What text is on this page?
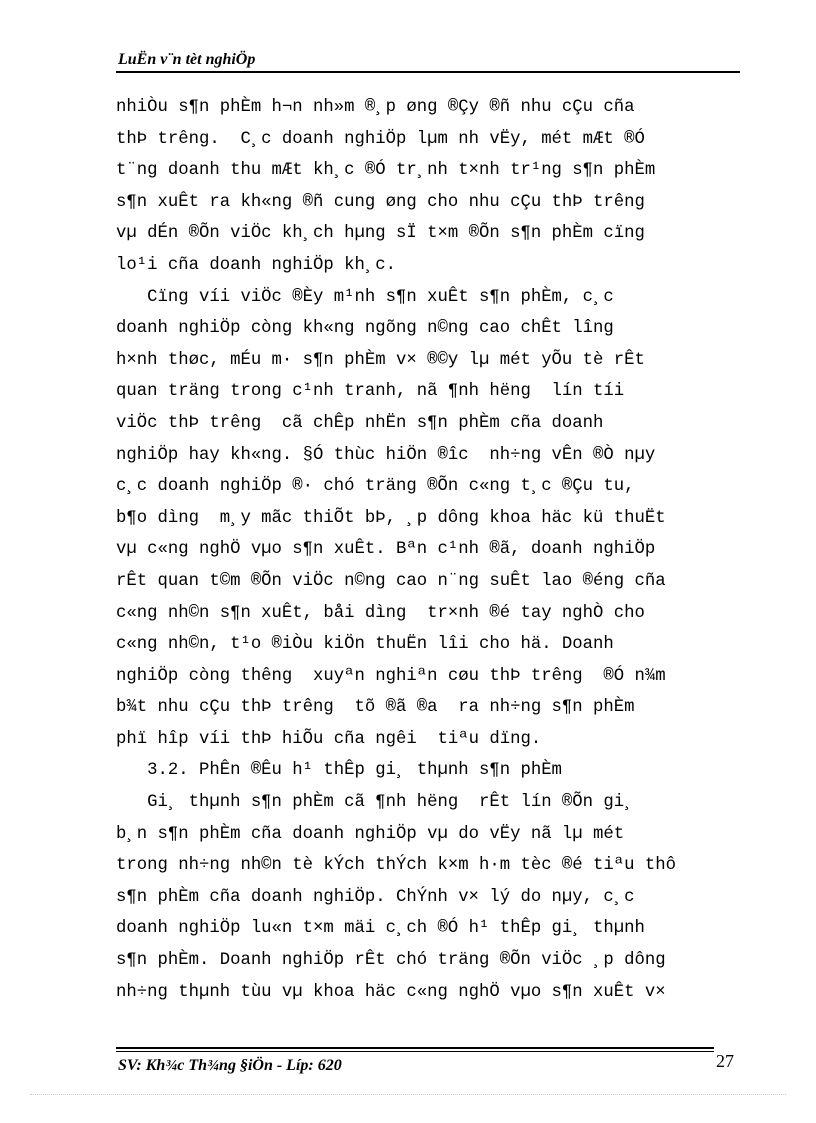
LuËn v¨n tèt nghiÖp
nhiÒu s¶n phÈm h¬n nh»m ®¸p øng ®Çy ®ñ nhu cÇu cña
thÞ trêng.  C¸c doanh nghiÖp lµm nh vËy, mét mÆt ®Ó
t¨ng doanh thu mÆt kh¸c ®Ó tr¸nh t×nh tr¹ng s¶n phÈm
s¶n xuÊt ra kh«ng ®ñ cung øng cho nhu cÇu thÞ trêng
vµ dÉn ®Õn viÖc kh¸ch hµng sÏ t×m ®Õn s¶n phÈm cïng
lo¹i cña doanh nghiÖp kh¸c.
Cïng víi viÖc ®Èy m¹nh s¶n xuÊt s¶n phÈm, c¸c
doanh nghiÖp còng kh«ng ngõng n©ng cao chÊt lîng
h×nh thøc, mÉu m· s¶n phÈm v× ®©y lµ mét yÕu tè rÊt
quan träng trong c¹nh tranh, nã ¶nh hëng  lín tíi
viÖc thÞ trêng  cã chÊp nhËn s¶n phÈm cña doanh
nghiÖp hay kh«ng. §Ó thùc hiÖn ®îc  nh÷ng vÊn ®Ò nµy
c¸c doanh nghiÖp ®· chó träng ®Õn c«ng t¸c ®Çu tu,
b¶o dìng  m¸y mãc thiÕt bÞ, ¸p dông khoa häc kü thuËt
vµ c«ng nghÖ vµo s¶n xuÊt. Bªn c¹nh ®ã, doanh nghiÖp
rÊt quan t©m ®Õn viÖc n©ng cao n¨ng suÊt lao ®éng cña
c«ng nh©n s¶n xuÊt, båi dìng  tr×nh ®é tay nghÒ cho
c«ng nh©n, t¹o ®iÒu kiÖn thuËn lîi cho hä. Doanh
nghiÖp còng thêng  xuyªn nghiªn cøu thÞ trêng  ®Ó n¾m
b¾t nhu cÇu thÞ trêng  tõ ®ã ®a  ra nh÷ng s¶n phÈm
phï hîp víi thÞ hiÕu cña ngêi  tiªu dïng.
3.2. PhÊn ®Êu h¹ thÊp gi¸ thµnh s¶n phÈm
Gi¸ thµnh s¶n phÈm cã ¶nh hëng  rÊt lín ®Õn gi¸
b¸n s¶n phÈm cña doanh nghiÖp vµ do vËy nã lµ mét
trong nh÷ng nh©n tè kÝch thÝch k×m h·m tèc ®é tiªu thô
s¶n phÈm cña doanh nghiÖp. ChÝnh v× lý do nµy, c¸c
doanh nghiÖp lu«n t×m mäi c¸ch ®Ó h¹ thÊp gi¸ thµnh
s¶n phÈm. Doanh nghiÖp rÊt chó träng ®Õn viÖc ¸p dông
nh÷ng thµnh tùu vµ khoa häc c«ng nghÖ vµo s¶n xuÊt v×
SV: Kh¾c Th¾ng §iÖn - Líp: 620	27
